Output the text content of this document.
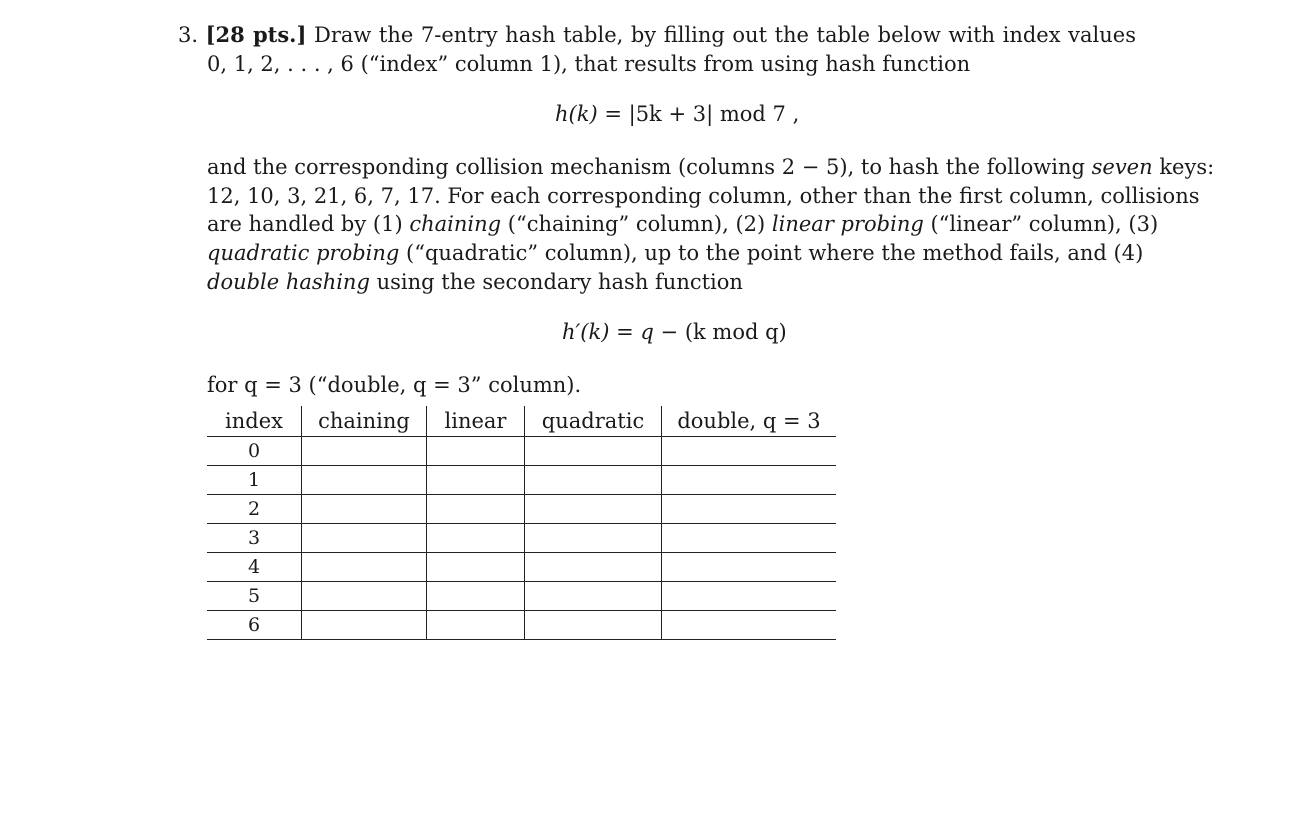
3. [28 pts.] Draw the 7-entry hash table, by filling out the table below with index values
0, 1, 2, . . . , 6 (“index” column 1), that results from using hash function
h(k) = |5k + 3| mod 7 ,
and the corresponding collision mechanism (columns 2 − 5), to hash the following seven keys:
12, 10, 3, 21, 6, 7, 17. For each corresponding column, other than the first column, collisions
are handled by (1) chaining (“chaining” column), (2) linear probing (“linear” column), (3)
quadratic probing (“quadratic” column), up to the point where the method fails, and (4)
double hashing using the secondary hash function
h′(k) = q − (k mod q)
for q = 3 (“double, q = 3” column).
index	chaining	linear	quadratic	double, q = 3
0				
1				
2				
3				
4				
5				
6				
